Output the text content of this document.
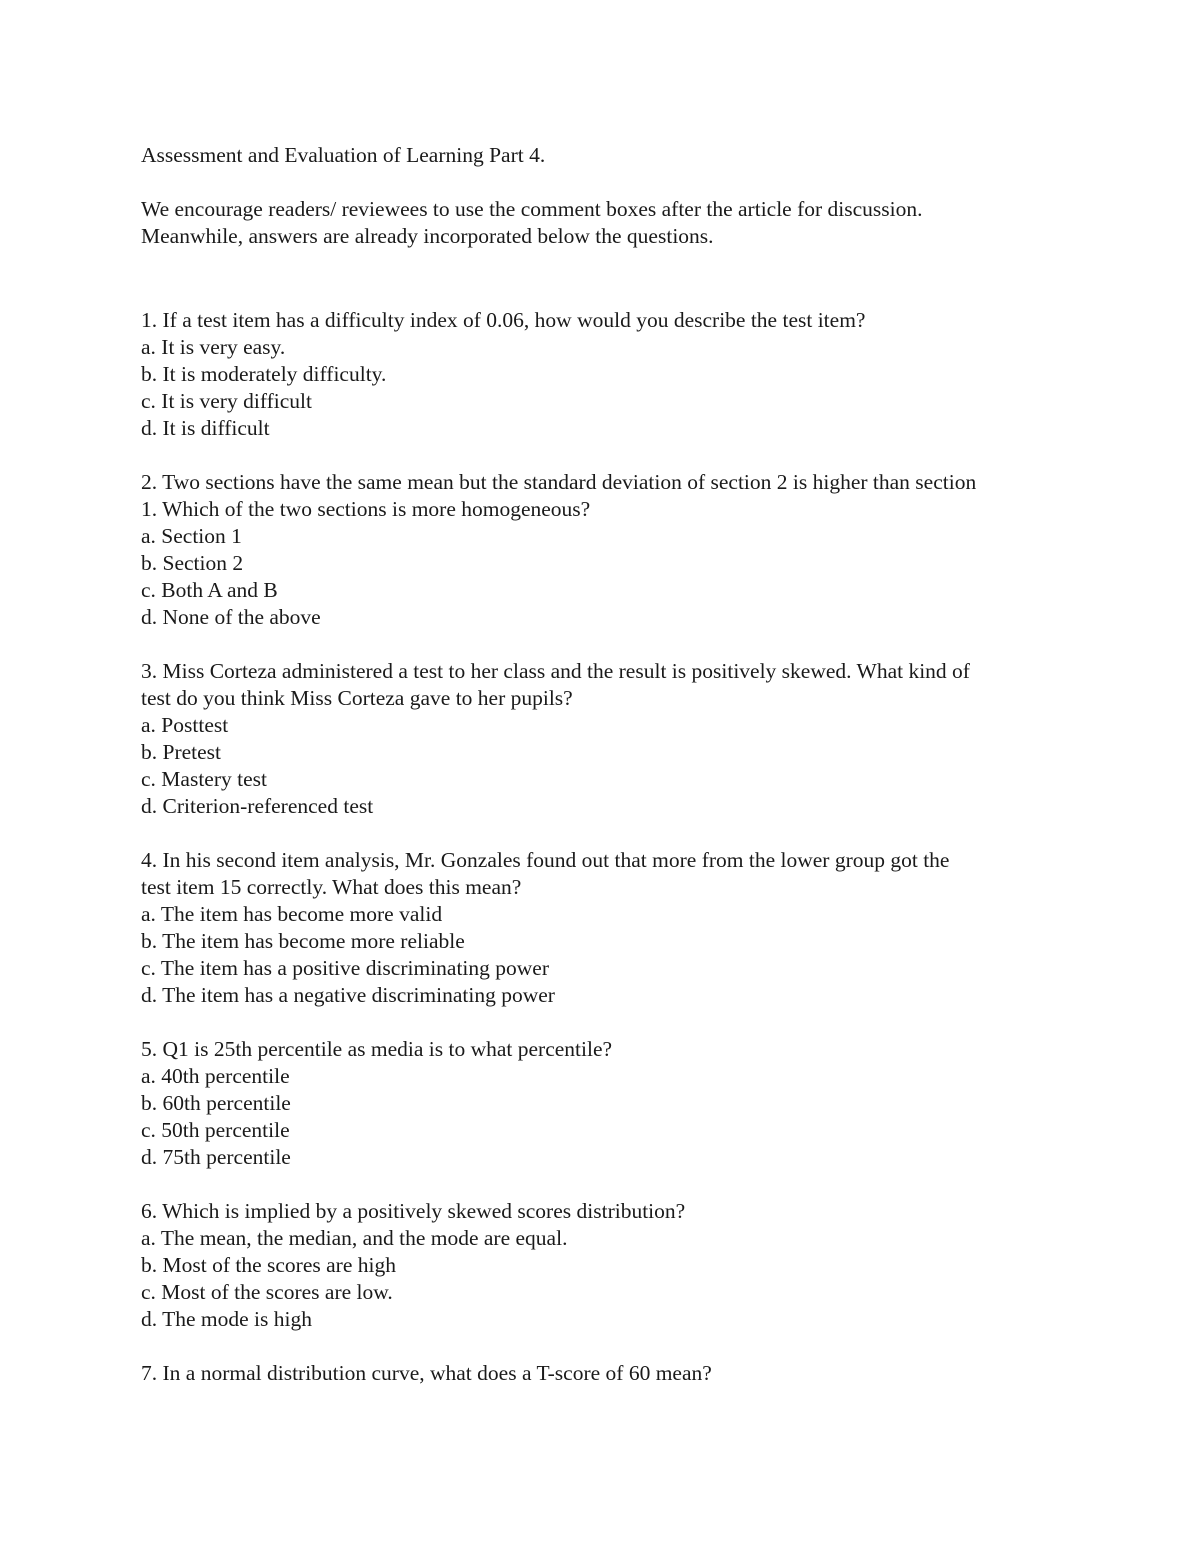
Assessment and Evaluation of Learning Part 4.

We encourage readers/ reviewees to use the comment boxes after the article for discussion.

Meanwhile, answers are already incorporated below the questions.

1. If a test item has a difficulty index of 0.06, how would you describe the test item?

a. It is very easy.

b. It is moderately difficulty.

c. It is very difficult

d. It is difficult

2. Two sections have the same mean but the standard deviation of section 2 is higher than section

1. Which of the two sections is more homogeneous?

a. Section 1

b. Section 2

c. Both A and B

d. None of the above

3. Miss Corteza administered a test to her class and the result is positively skewed. What kind of

test do you think Miss Corteza gave to her pupils?

a. Posttest

b. Pretest

c. Mastery test

d. Criterion-referenced test

4. In his second item analysis, Mr. Gonzales found out that more from the lower group got the

test item 15 correctly. What does this mean?

a. The item has become more valid

b. The item has become more reliable

c. The item has a positive discriminating power

d. The item has a negative discriminating power

5. Q1 is 25th percentile as media is to what percentile?

a. 40th percentile

b. 60th percentile

c. 50th percentile

d. 75th percentile

6. Which is implied by a positively skewed scores distribution?

a. The mean, the median, and the mode are equal.

b. Most of the scores are high

c. Most of the scores are low.

d. The mode is high

7. In a normal distribution curve, what does a T-score of 60 mean?
